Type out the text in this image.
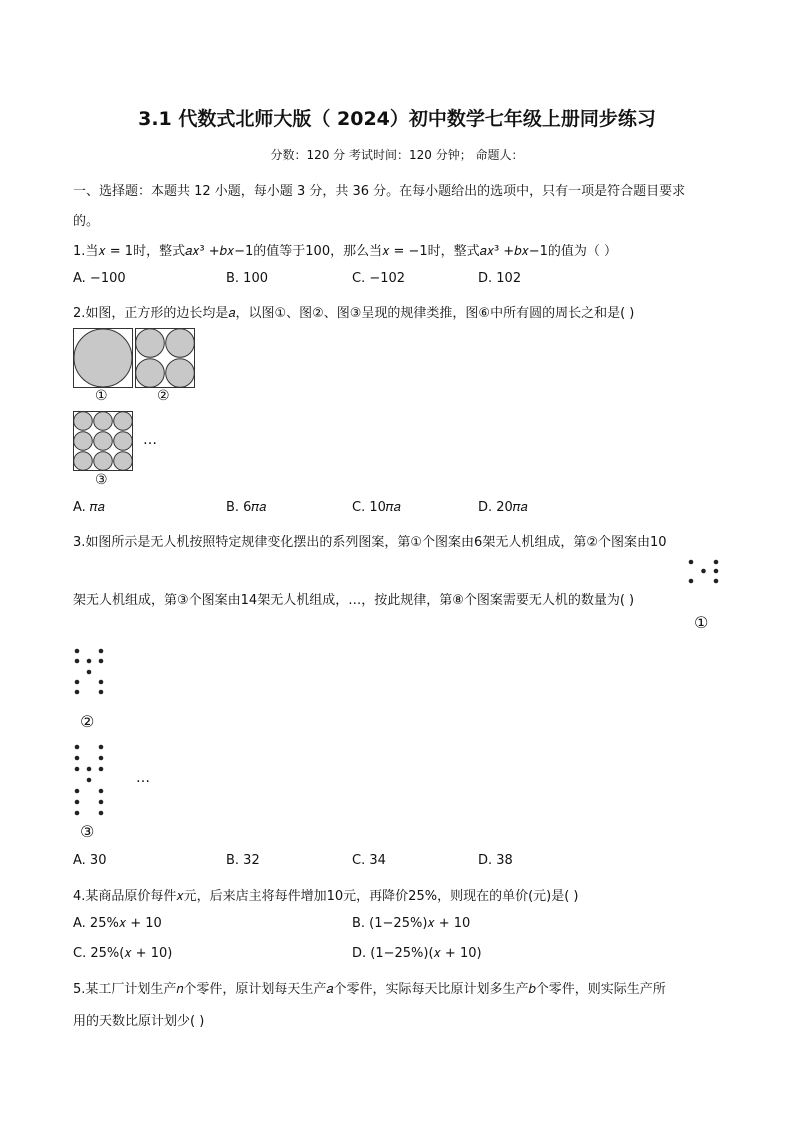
3.1 代数式北师大版（ 2024）初中数学七年级上册同步练习
分数：120 分 考试时间：120 分钟； 命题人：
一、选择题：本题共 12 小题，每小题 3 分，共 36 分。在每小题给出的选项中，只有一项是符合题目要求
的。
1.当𝑥 = 1时，整式𝑎𝑥³ +𝑏𝑥−1的值等于100，那么当𝑥 = −1时，整式𝑎𝑥³ +𝑏𝑥−1的值为（ ）
A. −100	B. 100	C. −102	D. 102
2.如图，正方形的边长均是𝑎，以图①、图②、图③呈现的规律类推，图⑥中所有圆的周长之和是( )
①	②
…
③
A. 𝜋𝑎	B. 6𝜋𝑎	C. 10𝜋𝑎	D. 20𝜋𝑎
3.如图所示是无人机按照特定规律变化摆出的系列图案，第①个图案由6架无人机组成，第②个图案由10
架无人机组成，第③个图案由14架无人机组成，…，按此规律，第⑧个图案需要无人机的数量为( )
①
②
…
③
A. 30	B. 32	C. 34	D. 38
4.某商品原价每件𝑥元，后来店主将每件增加10元，再降价25%，则现在的单价(元)是( )
A. 25%𝑥 + 10	B. (1−25%)𝑥 + 10
C. 25%(𝑥 + 10)	D. (1−25%)(𝑥 + 10)
5.某工厂计划生产𝑛个零件，原计划每天生产𝑎个零件，实际每天比原计划多生产𝑏个零件，则实际生产所
用的天数比原计划少( )
